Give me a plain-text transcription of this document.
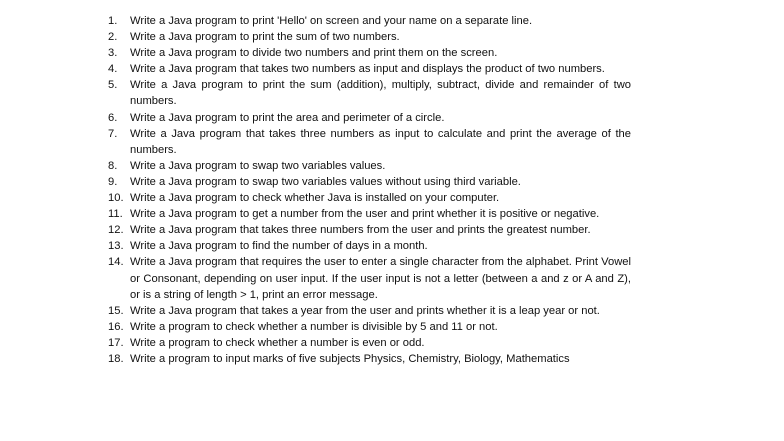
1.	Write a Java program to print 'Hello' on screen and your name on a separate line.
2.	Write a Java program to print the sum of two numbers.
3.	Write a Java program to divide two numbers and print them on the screen.
4.	Write a Java program that takes two numbers as input and displays the product of two numbers.
5.	Write a Java program to print the sum (addition), multiply, subtract, divide and remainder of two numbers.
6.	Write a Java program to print the area and perimeter of a circle.
7.	Write a Java program that takes three numbers as input to calculate and print the average of the numbers.
8.	Write a Java program to swap two variables values.
9.	Write a Java program to swap two variables values without using third variable.
10. Write a Java program to check whether Java is installed on your computer.
11. Write a Java program to get a number from the user and print whether it is positive or negative.
12. Write a Java program that takes three numbers from the user and prints the greatest number.
13. Write a Java program to find the number of days in a month.
14. Write a Java program that requires the user to enter a single character from the alphabet. Print Vowel or Consonant, depending on user input. If the user input is not a letter (between a and z or A and Z), or is a string of length > 1, print an error message.
15. Write a Java program that takes a year from the user and prints whether it is a leap year or not.
16. Write a program to check whether a number is divisible by 5 and 11 or not.
17. Write a program to check whether a number is even or odd.
18. Write a program to input marks of five subjects Physics, Chemistry, Biology, Mathematics
